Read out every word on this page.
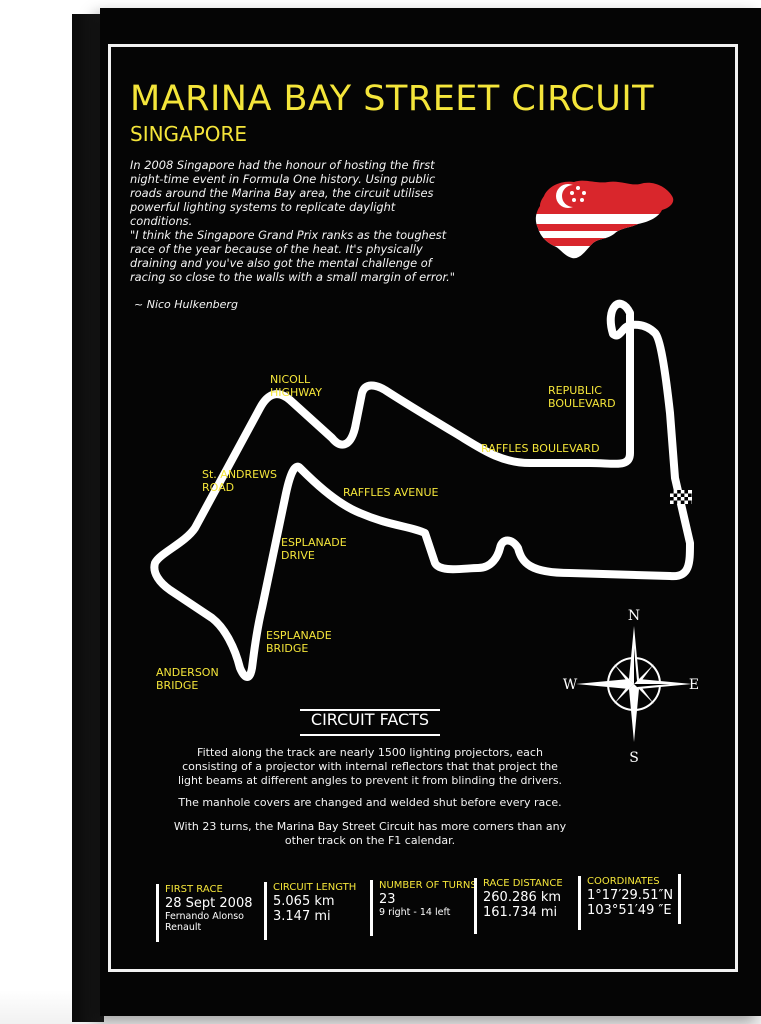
MARINA BAY STREET CIRCUIT
SINGAPORE

In 2008 Singapore had the honour of hosting the first night-time event in Formula One history. Using public roads around the Marina Bay area, the circuit utilises powerful lighting systems to replicate daylight conditions.

"I think the Singapore Grand Prix ranks as the toughest race of the year because of the heat. It's physically draining and you've also got the mental challenge of racing so close to the walls with a small margin of error."

~ Nico Hulkenberg
NICOLL
HIGHWAY	REPUBLIC
BOULEVARD
RAFFLES BOULEVARD
St. ANDREWS
ROAD	RAFFLES AVENUE
ESPLANADE
DRIVE
ESPLANADE
BRIDGE
ANDERSON
BRIDGE
N
S
W	E
CIRCUIT FACTS

Fitted along the track are nearly 1500 lighting projectors, each consisting of a projector with internal reflectors that that project the light beams at different angles to prevent it from blinding the drivers.

The manhole covers are changed and welded shut before every race.

With 23 turns, the Marina Bay Street Circuit has more corners than any other track on the F1 calendar.

FIRST RACE
28 Sept 2008
Fernando Alonso
Renault
CIRCUIT LENGTH
5.065 km
3.147 mi
NUMBER OF TURNS
23
9 right - 14 left
RACE DISTANCE
260.286 km
161.734 mi
COORDINATES
1°17′29.51″N
103°51′49 ″E
